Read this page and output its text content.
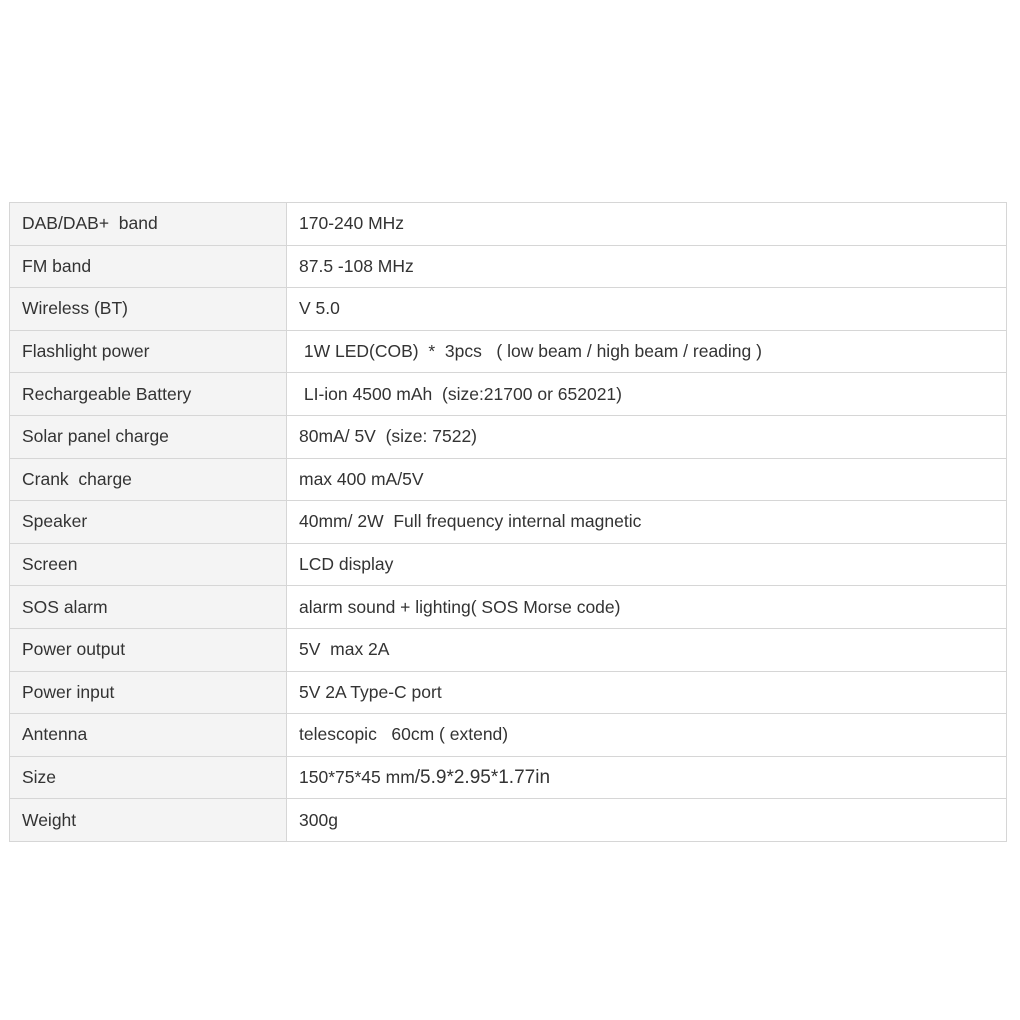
DAB/DAB+  band	170-240 MHz
FM band	87.5 -108 MHz
Wireless (BT)	V 5.0
Flashlight power	1W LED(COB)  *  3pcs   ( low beam / high beam / reading )
Rechargeable Battery	LI-ion 4500 mAh  (size:21700 or 652021)
Solar panel charge	80mA/ 5V  (size: 7522)
Crank  charge	max 400 mA/5V
Speaker	40mm/ 2W  Full frequency internal magnetic
Screen	LCD display
SOS alarm	alarm sound + lighting( SOS Morse code)
Power output	5V  max 2A
Power input	5V 2A Type-C port
Antenna	telescopic   60cm ( extend)
Size	150*75*45 mm/5.9*2.95*1.77in
Weight	300g
